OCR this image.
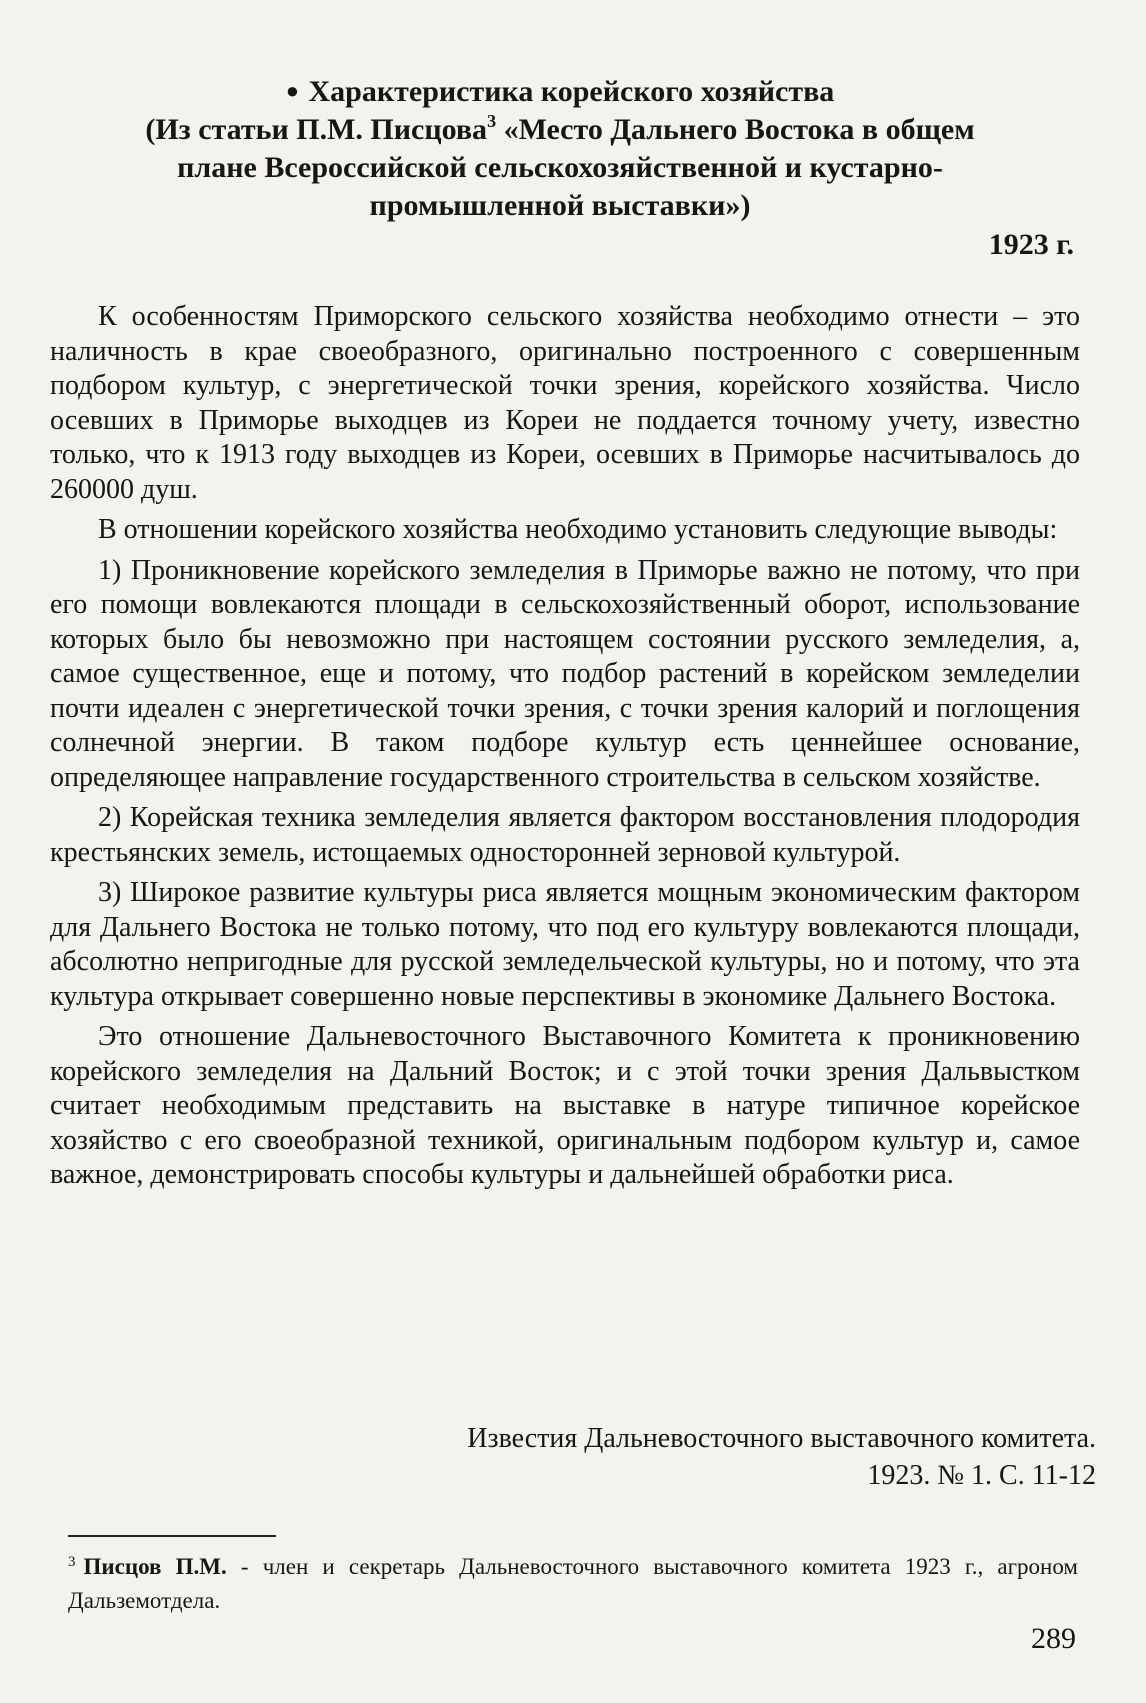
● Характеристика корейского хозяйства
(Из статьи П.М. Писцова$^3$ «Место Дальнего Востока в общем
плане Всероссийской сельскохозяйственной и кустарно-
промышленной выставки»)
1923 г.

К особенностям Приморского сельского хозяйства необходимо отнести – это наличность в крае своеобразного, оригинально построенного с совершенным подбором культур, с энергетической точки зрения, корейского хозяйства. Число осевших в Приморье выходцев из Кореи не поддается точному учету, известно только, что к 1913 году выходцев из Кореи, осевших в Приморье насчитывалось до 260000 душ.

В отношении корейского хозяйства необходимо установить следующие выводы:

1) Проникновение корейского земледелия в Приморье важно не потому, что при его помощи вовлекаются площади в сельскохозяйственный оборот, использование которых было бы невозможно при настоящем состоянии русского земледелия, а, самое существенное, еще и потому, что подбор растений в корейском земледелии почти идеален с энергетической точки зрения, с точки зрения калорий и поглощения солнечной энергии. В таком подборе культур есть ценнейшее основание, определяющее направление государственного строительства в сельском хозяйстве.

2) Корейская техника земледелия является фактором восстановления плодородия крестьянских земель, истощаемых односторонней зерновой культурой.

3) Широкое развитие культуры риса является мощным экономическим фактором для Дальнего Востока не только потому, что под его культуру вовлекаются площади, абсолютно непригодные для русской земледельческой культуры, но и потому, что эта культура открывает совершенно новые перспективы в экономике Дальнего Востока.

Это отношение Дальневосточного Выставочного Комитета к проникновению корейского земледелия на Дальний Восток; и с этой точки зрения Дальвыстком считает необходимым представить на выставке в натуре типичное корейское хозяйство с его своеобразной техникой, оригинальным подбором культур и, самое важное, демонстрировать способы культуры и дальнейшей обработки риса.

Известия Дальневосточного выставочного комитета.
1923. № 1. С. 11-12
$^3$ Писцов П.М. - член и секретарь Дальневосточного выставочного комитета 1923 г., агроном Дальземотдела.
289
